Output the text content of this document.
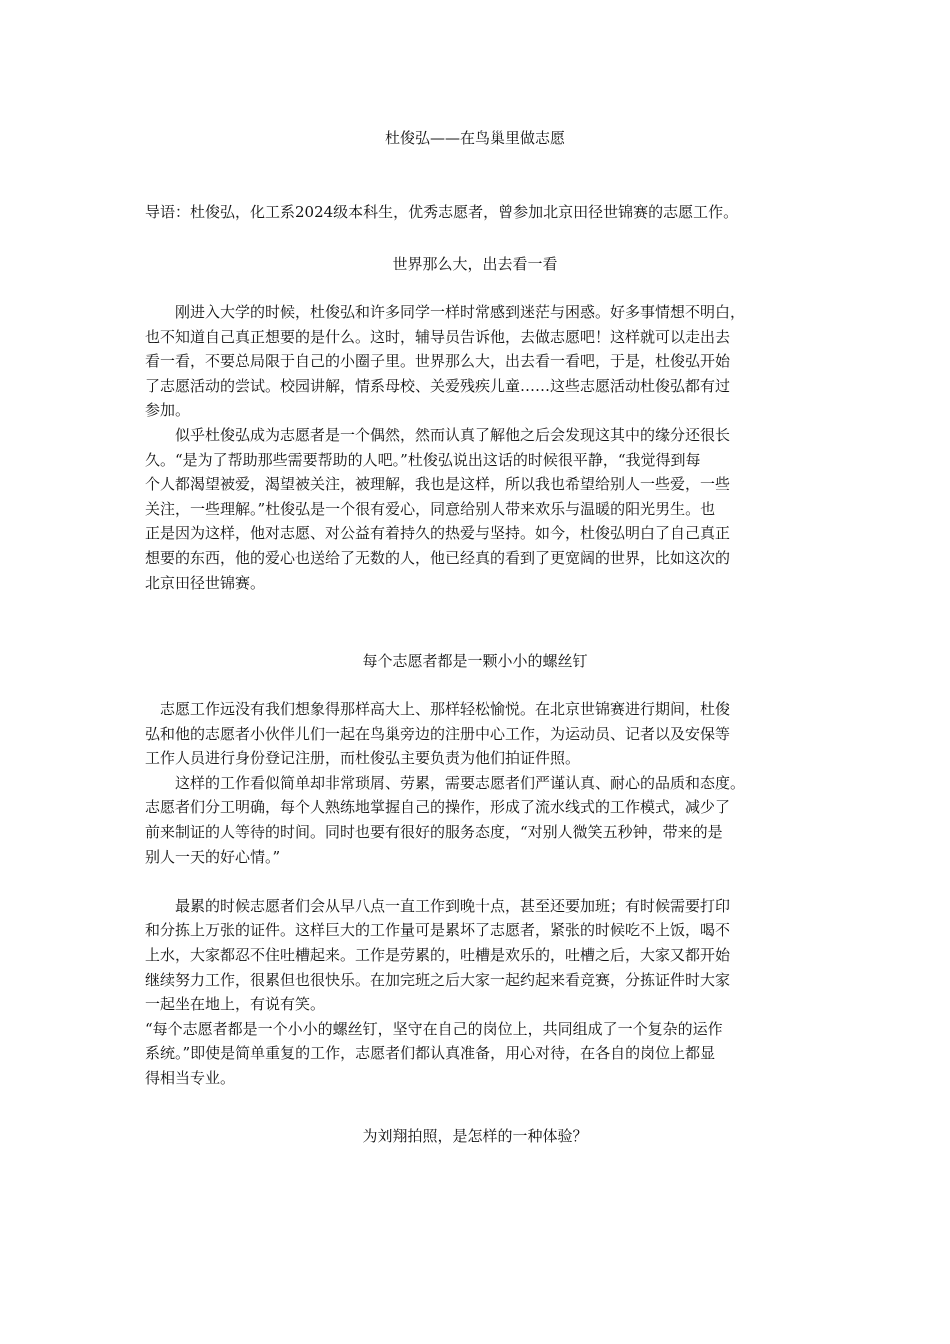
杜俊弘——在鸟巢里做志愿
导语：杜俊弘，化工系2024级本科生，优秀志愿者，曾参加北京田径世锦赛的志愿工作。
世界那么大，出去看一看
　　刚进入大学的时候，杜俊弘和许多同学一样时常感到迷茫与困惑。好多事情想不明白，
也不知道自己真正想要的是什么。这时，辅导员告诉他，去做志愿吧！这样就可以走出去
看一看，不要总局限于自己的小圈子里。世界那么大，出去看一看吧，于是，杜俊弘开始
了志愿活动的尝试。校园讲解，情系母校、关爱残疾儿童……这些志愿活动杜俊弘都有过
参加。
　　似乎杜俊弘成为志愿者是一个偶然，然而认真了解他之后会发现这其中的缘分还很长
久。“是为了帮助那些需要帮助的人吧。”杜俊弘说出这话的时候很平静，“我觉得到每
个人都渴望被爱，渴望被关注，被理解，我也是这样，所以我也希望给别人一些爱，一些
关注，一些理解。”杜俊弘是一个很有爱心，同意给别人带来欢乐与温暖的阳光男生。也
正是因为这样，他对志愿、对公益有着持久的热爱与坚持。如今，杜俊弘明白了自己真正
想要的东西，他的爱心也送给了无数的人，他已经真的看到了更宽阔的世界，比如这次的
北京田径世锦赛。
每个志愿者都是一颗小小的螺丝钉
　志愿工作远没有我们想象得那样高大上、那样轻松愉悦。在北京世锦赛进行期间，杜俊
弘和他的志愿者小伙伴儿们一起在鸟巢旁边的注册中心工作，为运动员、记者以及安保等
工作人员进行身份登记注册，而杜俊弘主要负责为他们拍证件照。
　　这样的工作看似简单却非常琐屑、劳累，需要志愿者们严谨认真、耐心的品质和态度。
志愿者们分工明确，每个人熟练地掌握自己的操作，形成了流水线式的工作模式，减少了
前来制证的人等待的时间。同时也要有很好的服务态度，“对别人微笑五秒钟，带来的是
别人一天的好心情。”
　　最累的时候志愿者们会从早八点一直工作到晚十点，甚至还要加班；有时候需要打印
和分拣上万张的证件。这样巨大的工作量可是累坏了志愿者，紧张的时候吃不上饭，喝不
上水，大家都忍不住吐槽起来。工作是劳累的，吐槽是欢乐的，吐槽之后，大家又都开始
继续努力工作，很累但也很快乐。在加完班之后大家一起约起来看竞赛，分拣证件时大家
一起坐在地上，有说有笑。
“每个志愿者都是一个小小的螺丝钉，坚守在自己的岗位上，共同组成了一个复杂的运作
系统。”即使是简单重复的工作，志愿者们都认真准备，用心对待，在各自的岗位上都显
得相当专业。
为刘翔拍照，是怎样的一种体验？
